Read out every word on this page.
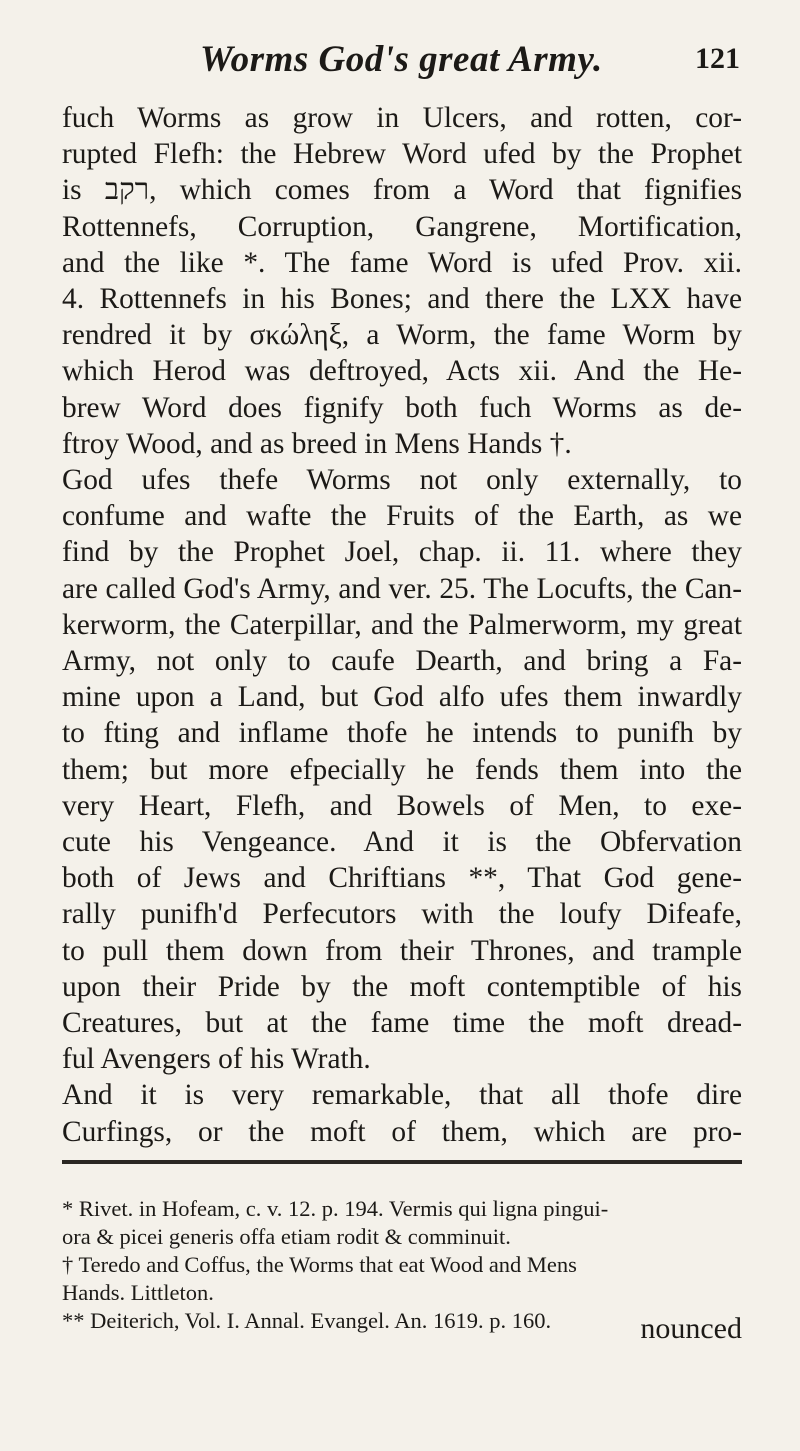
Worms God's great Army.	121
fuch Worms as grow in Ulcers, and rotten, cor-
rupted Flefh: the Hebrew Word ufed by the Prophet
is רקב, which comes from a Word that fignifies
Rottennefs, Corruption, Gangrene, Mortification,
and the like *. The fame Word is ufed Prov. xii.
4. Rottennefs in his Bones; and there the LXX have
rendred it by σκώληξ, a Worm, the fame Worm by
which Herod was deftroyed, Acts xii. And the He-
brew Word does fignify both fuch Worms as de-
ftroy Wood, and as breed in Mens Hands †.
God ufes thefe Worms not only externally, to
confume and wafte the Fruits of the Earth, as we
find by the Prophet Joel, chap. ii. 11. where they
are called God's Army, and ver. 25. The Locufts, the Can-
kerworm, the Caterpillar, and the Palmerworm, my great
Army, not only to caufe Dearth, and bring a Fa-
mine upon a Land, but God alfo ufes them inwardly
to fting and inflame thofe he intends to punifh by
them; but more efpecially he fends them into the
very Heart, Flefh, and Bowels of Men, to exe-
cute his Vengeance. And it is the Obfervation
both of Jews and Chriftians **, That God gene-
rally punifh'd Perfecutors with the loufy Difeafe,
to pull them down from their Thrones, and trample
upon their Pride by the moft contemptible of his
Creatures, but at the fame time the moft dread-
ful Avengers of his Wrath.
And it is very remarkable, that all thofe dire
Curfings, or the moft of them, which are pro-
* Rivet. in Hofeam, c. v. 12. p. 194. Vermis qui ligna pingui-
ora & picei generis offa etiam rodit & comminuit.
† Teredo and Coffus, the Worms that eat Wood and Mens
Hands. Littleton.
** Deiterich, Vol. I. Annal. Evangel. An. 1619. p. 160.	nounced
